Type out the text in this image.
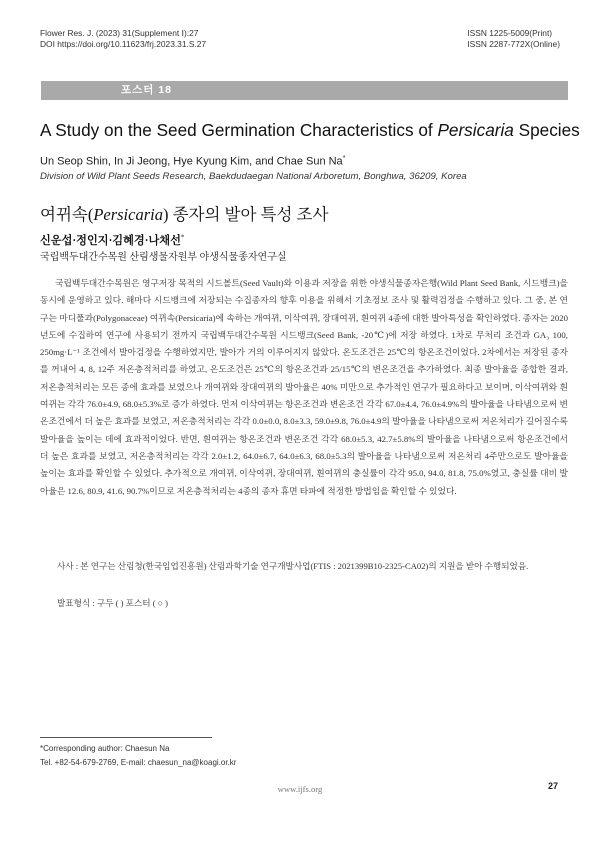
Flower Res. J. (2023) 31(Supplement Ⅰ):27
DOI https://doi.org/10.11623/frj.2023.31.S.27
ISSN 1225-5009(Print)
ISSN 2287-772X(Online)
포스터 18
A Study on the Seed Germination Characteristics of Persicaria Species
Un Seop Shin, In Ji Jeong, Hye Kyung Kim, and Chae Sun Na*
Division of Wild Plant Seeds Research, Baekdudaegan National Arboretum, Bonghwa, 36209, Korea
여뀌속(Persicaria) 종자의 발아 특성 조사
신운섭·정인지·김혜경·나채선*
국립백두대간수목원 산림생물자원부 야생식물종자연구실

국립백두대간수목원은 영구저장 목적의 시드볼트(Seed Vault)와 이용과 저장을 위한 야생식물종자은행(Wild Plant Seed Bank, 시드뱅크)을 동시에 운영하고 있다. 해마다 시드뱅크에 저장되는 수집종자의 향후 이용을 위해서 기초정보 조사 및 활력검정을 수행하고 있다. 그 중, 본 연구는 마디풀과(Polygonaceae) 여뀌속(Persicaria)에 속하는 개여뀌, 이삭여뀌, 장대여뀌, 흰여뀌 4종에 대한 발아특성을 확인하였다. 종자는 2020년도에 수집하여 연구에 사용되기 전까지 국립백두대간수목원 시드뱅크(Seed Bank, -20℃)에 저장 하였다. 1차로 무처리 조건과 GA₃ 100, 250mg·L⁻¹ 조건에서 발아검정을 수행하였지만, 발아가 거의 이루어지지 않았다. 온도조건은 25℃의 항온조건이었다. 2차에서는 저장된 종자를 꺼내어 4, 8, 12주 저온층적처리를 하였고, 온도조건은 25℃의 항온조건과 25/15℃의 변온조건을 추가하였다. 최종 발아율을 종합한 결과, 저온층적처리는 모든 종에 효과를 보였으나 개여뀌와 장대여뀌의 발아율은 40% 미만으로 추가적인 연구가 필요하다고 보이며, 이삭여뀌와 흰여뀌는 각각 76.0±4.9, 68.0±5.3%로 증가 하였다. 먼저 이삭여뀌는 항온조건과 변온조건 각각 67.0±4.4, 76.0±4.9%의 발아율을 나타냄으로써 변온조건에서 더 높은 효과를 보였고, 저온층적처리는 각각 0.0±0.0, 8.0±3.3, 59.0±9.8, 76.0±4.9의 발아율을 나타냄으로써 저온처리가 길어질수록 발아율을 높이는 데에 효과적이었다. 반면, 흰여뀌는 항온조건과 변온조건 각각 68.0±5.3, 42.7±5.8%의 발아율을 나타냄으로써 항온조건에서 더 높은 효과를 보였고, 저온층적처리는 각각 2.0±1.2, 64.0±6.7, 64.0±6.3, 68.0±5.3의 발아율을 나타냄으로써 저온처리 4주만으로도 발아율을 높이는 효과를 확인할 수 있었다. 추가적으로 개여뀌, 이삭여뀌, 장대여뀌, 흰여뀌의 충실률이 각각 95.0, 94.0, 81.8, 75.0%였고, 충실률 대비 발아율은 12.6, 80.9, 41.6, 90.7%이므로 저온층적처리는 4종의 종자 휴면 타파에 적정한 방법임을 확인할 수 있었다.

사사 : 본 연구는 산림청(한국임업진흥원) 산림과학기술 연구개발사업(FTIS : 2021399B10-2325-CA02)의 지원을 받아 수행되었음.
발표형식 : 구두 ( ) 포스터 ( ○ )
*Corresponding author: Chaesun Na
Tel. +82-54-679-2769, E-mail: chaesun_na@koagi.or.kr
www.ijfs.org	27
